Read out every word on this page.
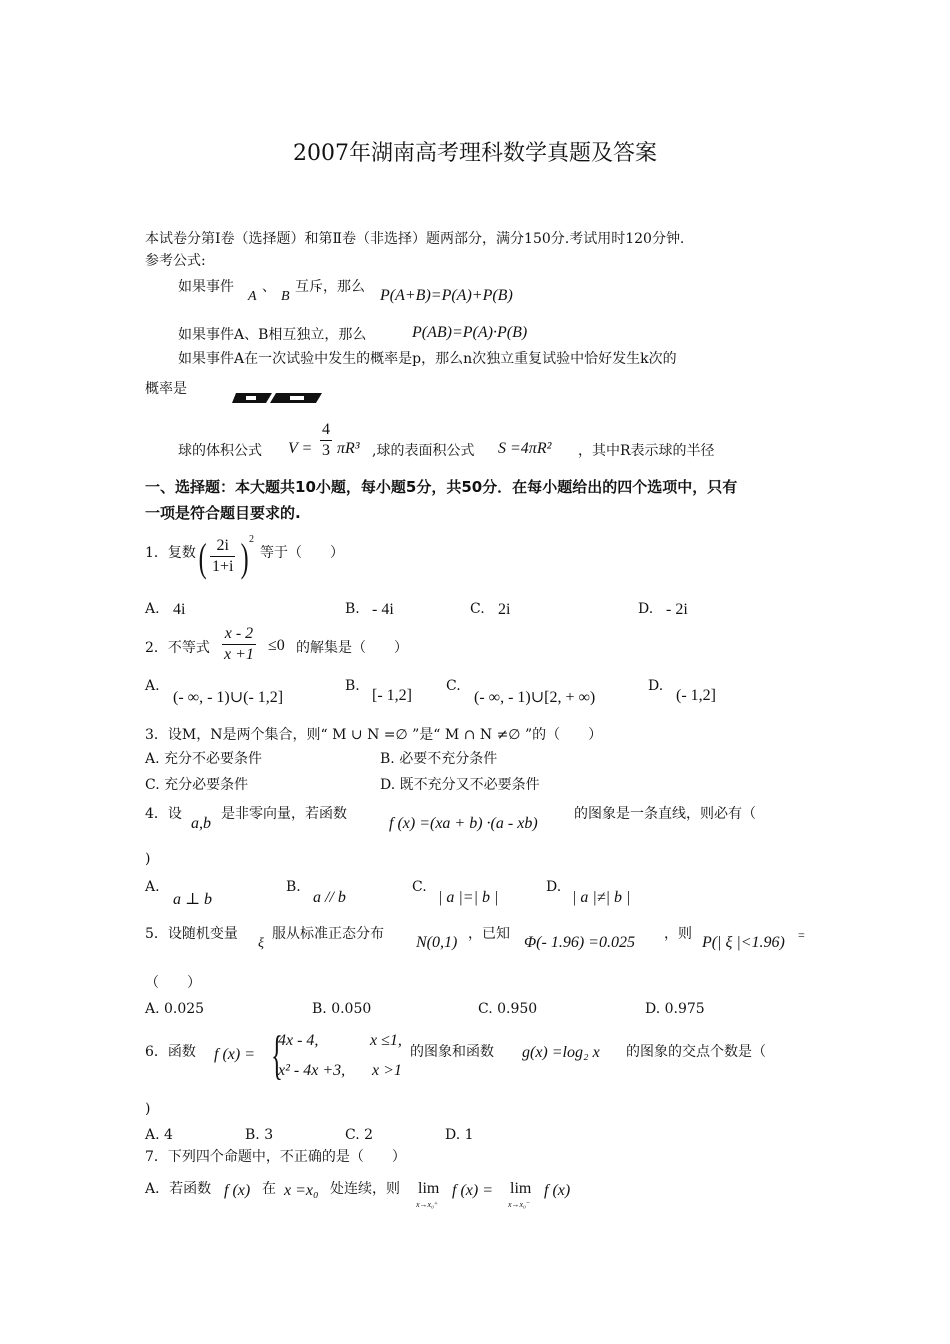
2007年湖南高考理科数学真题及答案
本试卷分第Ⅰ卷（选择题）和第Ⅱ卷（非选择）题两部分，满分150分.考试用时120分钟.
参考公式:
如果事件
A
、
B
互斥，那么 P(A+B)=P(A)+P(B)
如果事件A、B相互独立，那么	P(AB)=P(A)·P(B)
如果事件A在一次试验中发生的概率是p，那么n次独立重复试验中恰好发生k次的
概率是
球的体积公式 $V = \frac{4}{3} \pi R^3$ ,球的表面积公式 S =4πR² ，其中R表示球的半径
一、选择题：本大题共10小题，每小题5分，共50分．在每小题给出的四个选项中，只有
一项是符合题目要求的.
1．复数 ( $\frac{2i}{1+i}$ ) 2
等于（　　）
A. 4i	B. - 4i	C. 2i	D. - 2i
2．不等式 $\frac{x - 2}{x +1} \le 0$ 的解集是（　　）
A.
(- ∞, - 1)∪(- 1,2]
B.
[- 1,2]
C.
(- ∞, - 1)∪[2, + ∞)
D.
(- 1,2]
3．设M，N是两个集合，则“ M ∪ N =∅ ”是“ M ∩ N ≠∅ ”的（　　）
A. 充分不必要条件	B. 必要不充分条件
C. 充分必要条件	D. 既不充分又不必要条件
4．设
a,b
是非零向量，若函数
f (x) =(xa + b) ·(a - xb)
的图象是一条直线，则必有（
)
A.
a ⊥ b
B.
a // b
C.
| a |=| b |
D.
| a |≠| b |
5．设随机变量
ξ
服从标准正态分布 N(0,1) ，已知 Φ(- 1.96) =0.025 ，则 P(| ξ |<1.96) =
（　　）
A. 0.025	B. 0.050	C. 0.950	D. 0.975
6．函数 f (x) = {
4x - 4,	x ≤1,
x² - 4x +3, x >1
的图象和函数 g(x) =log₂ x 的图象的交点个数是（
)
A. 4	B. 3	C. 2	D. 1
7．下列四个命题中，不正确的是（　　）
A．若函数 f (x) 在 x =x₀ 处连续，则 lim
x→x₀⁺
f (x) = lim
x→x₀⁻
f (x)
